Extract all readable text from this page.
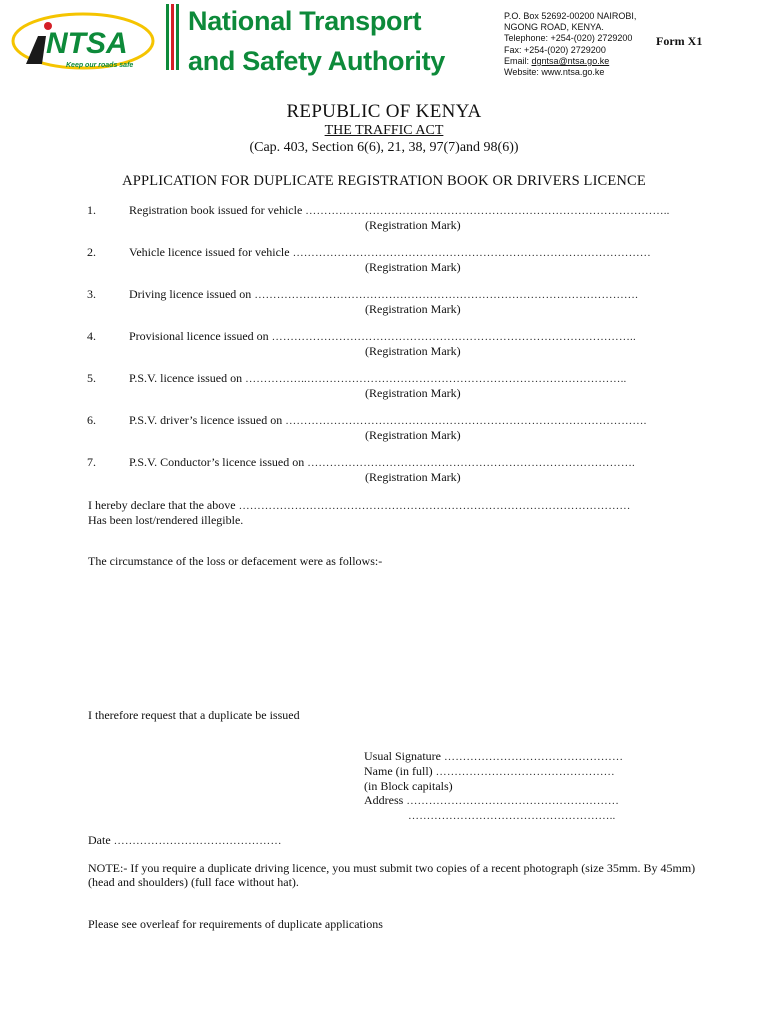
NTSA
Keep our roads safe
National Transport
and Safety Authority
P.O. Box 52692-00200 NAIROBI,
NGONG ROAD, KENYA.
Telephone: +254-(020) 2729200
Fax: +254-(020) 2729200
Email: dgntsa@ntsa.go.ke
Website: www.ntsa.go.ke
Form X1
REPUBLIC OF KENYA
THE TRAFFIC ACT
(Cap. 403, Section 6(6), 21, 38, 97(7)and 98(6))
APPLICATION FOR DUPLICATE REGISTRATION BOOK OR DRIVERS LICENCE
1.	Registration book issued for vehicle ……………………………………………………………………………………..
(Registration Mark)
2.	Vehicle licence issued for vehicle ……………………………………………………………………………………
(Registration Mark)
3.	Driving licence issued on ………………………………………………………………………………………….
(Registration Mark)
4.	Provisional licence issued on ……………………………………………………………………………………..
(Registration Mark)
5.	P.S.V. licence issued on ……………..…………………………………………………………………………..
(Registration Mark)
6.	P.S.V. driver’s licence issued on …………………………………………………………………………………….
(Registration Mark)
7.	P.S.V. Conductor’s licence issued on …………………………………………………………………………….
(Registration Mark)
I hereby declare that the above ……………………………………………………………………………………………
Has been lost/rendered illegible.
The circumstance of the loss or defacement were as follows:-
I therefore request that a duplicate be issued
Usual Signature …………………………………………
Name (in full) …………………………………………
(in Block capitals)
Address …………………………………………………
………………………………………………..
Date ………………………………………
NOTE:- If you require a duplicate driving licence, you must submit two copies of a recent photograph (size 35mm. By 45mm)
(head and shoulders) (full face without hat).
Please see overleaf for requirements of duplicate applications
